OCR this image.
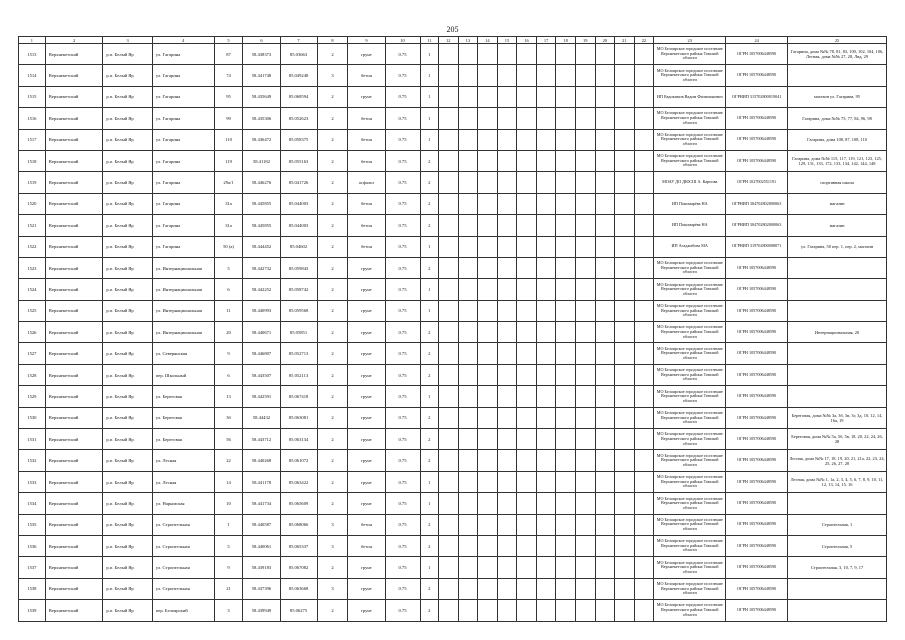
205
1	2	3	4	5	6	7	8	9	10	11	12	13	14	15	16	17	18	19	20	21	22	23	24	25
1513	Верхнекетский	р.п. Белый Яр	ул. Гагарина	87	58.438373	85.03663	2	грунт	0.75	1												МО Белоярское городское поселение Верхнекетского района Томской области	ОГРН 1057006448590	Гагарина, дома №№ 78, 81, 83, 100, 102, 104, 106, Лесная, дома №№ 27, 28, Лвд, 29
1514	Верхнекетский	р.п. Белый Яр	ул. Гагарина	74	58.441748	85.049248	3	бетон	0.75	1												МО Белоярское городское поселение Верхнекетского района Томской области	ОГРН 1057006448590	
1515	Верхнекетский	р.п. Белый Яр	ул. Гагарина	95	58.435649	85.068594	2	грунт	0.75	1												ИП Евдокимов Вадим Филимонович	ОГРНИП 315702800019041	магазин ул. Гагарина, 95
1516	Верхнекетский	р.п. Белый Яр	ул. Гагарина	99	58.435306	85.052623	2	бетон	0.75	1												МО Белоярское городское поселение Верхнекетского района Томской области	ОГРН 1057006448590	Гагарина, дома №№ 75, 77, 84, 96, 98
1517	Верхнекетский	р.п. Белый Яр	ул. Гагарина	110	58.436472	85.058375	2	бетон	0.75	1												МО Белоярское городское поселение Верхнекетского района Томской области	ОГРН 1057006448590	Гагарина, дома 108, 87, 108, 110
1518	Верхнекетский	р.п. Белый Яр	ул. Гагарина	119	58.41182	85.055163	2	бетон	0.75	2												МО Белоярское городское поселение Верхнекетского района Томской области	ОГРН 1057006448590	Гагарина, дома №№ 115, 117, 119, 121, 123, 125, 129, 131, 133, 172, 133, 134, 142, 144, 148
1519	Верхнекетский	р.п. Белый Яр	ул. Гагарина	29а/1	58.446276	85.041726	2	асфальт	0.75	2												МОАУ ДО ДЮСШ А. Карпова	ОГРН 1027002551191	спортивная школа
1520	Верхнекетский	р.п. Белый Яр	ул. Гагарина	31а	58.445855	85.044003	2	бетон	0.75	2												ИП Пономарёва НА	ОГРНИП 304702802800063	магазин
1521	Верхнекетский	р.п. Белый Яр	ул. Гагарина	31а	58.445855	85.044003	2	бетон	0.75	2												ИП Пономарёва НА	ОГРНИП 304702802800063	магазин
1522	Верхнекетский	р.п. Белый Яр	ул. Гагарина	50 (а)	58.444452	85.04602	2	бетон	0.75	1												ИП Агаджабова МА	ОГРНИП 319702800008071	ул. Гагарина, 50 пер. 1, пер. 2, магазин
1523	Верхнекетский	р.п. Белый Яр	ул. Интернациональная	5	58.442732	85.059843	2	грунт	0.75	2												МО Белоярское городское поселение Верхнекетского района Томской области	ОГРН 1057006448590	
1524	Верхнекетский	р.п. Белый Яр	ул. Интернациональная	6	58.442252	85.058742	2	грунт	0.75	1												МО Белоярское городское поселение Верхнекетского района Томской области	ОГРН 1057006448590	
1525	Верхнекетский	р.п. Белый Яр	ул. Интернациональная	11	58.440993	85.059568	2	грунт	0.75	1												МО Белоярское городское поселение Верхнекетского района Томской области	ОГРН 1057006448590	
1526	Верхнекетский	р.п. Белый Яр	ул. Интернациональная	20	58.440671	85.05851	2	грунт	0.75	2												МО Белоярское городское поселение Верхнекетского района Томской области	ОГРН 1057006448590	Интернациональная, 20
1527	Верхнекетский	р.п. Белый Яр	ул. Северянская	9	58.446807	85.052713	2	грунт	0.75	2												МО Белоярское городское поселение Верхнекетского района Томской области	ОГРН 1057006448590	
1528	Верхнекетский	р.п. Белый Яр	пер. Школьный	6	58.443507	85.052113	2	грунт	0.75	2												МО Белоярское городское поселение Верхнекетского района Томской области	ОГРН 1057006448590	
1529	Верхнекетский	р.п. Белый Яр	ул. Береговая	13	58.442591	85.067418	2	грунт	0.75	1												МО Белоярское городское поселение Верхнекетского района Томской области	ОГРН 1057006448590	
1530	Верхнекетский	р.п. Белый Яр	ул. Береговая	3б	58.44432	85.063081	2	грунт	0.75	2												МО Белоярское городское поселение Верхнекетского района Томской области	ОГРН 1057006448590	Береговая, дома №№ 3а, 3б, 3в, 3г, 3д, 10, 12, 14, 16а, 19
1531	Верхнекетский	р.п. Белый Яр	ул. Береговая	56	58.443712	85.063134	2	грунт	0.75	2												МО Белоярское городское поселение Верхнекетского района Томской области	ОГРН 1057006448590	Береговая, дома №№ 5а, 5б, 5в, 18, 20, 22, 24, 26, 28
1532	Верхнекетский	р.п. Белый Яр	ул. Лесная	22	58.440268	85.061072	2	грунт	0.75	2												МО Белоярское городское поселение Верхнекетского района Томской области	ОГРН 1057006448590	Лесная, дома №№ 17, 18, 19, 20, 21, 21а, 22, 23, 24, 25, 26, 27, 28
1533	Верхнекетский	р.п. Белый Яр	ул. Лесная	14	58.441178	85.063422	2	грунт	0.75	1												МО Белоярское городское поселение Верхнекетского района Томской области	ОГРН 1057006448590	Лесная, дома №№ 1, 1а, 2, 3, 4, 5, 6, 7, 8, 9, 10, 11, 12, 13, 14, 15, 16
1534	Верхнекетский	р.п. Белый Яр	ул. Нарымская	10	58.441734	85.065609	2	грунт	0.75	1												МО Белоярское городское поселение Верхнекетского района Томской области	ОГРН 1057006448590	
1535	Верхнекетский	р.п. Белый Яр	ул. Строительная	1	58.440587	85.068066	3	бетон	0.75	2												МО Белоярское городское поселение Верхнекетского района Томской области	ОГРН 1057006448590	Строительная, 1
1536	Верхнекетский	р.п. Белый Яр	ул. Строительная	5	58.440061	85.065337	3	бетон	0.75	2												МО Белоярское городское поселение Верхнекетского района Томской области	ОГРН 1057006448590	Строительная, 5
1537	Верхнекетский	р.п. Белый Яр	ул. Строительная	9	58.439183	85.067082	2	грунт	0.75	1												МО Белоярское городское поселение Верхнекетского района Томской области	ОГРН 1057006448590	Строительная, 3, 10, 7, 9, 17
1538	Верхнекетский	р.п. Белый Яр	ул. Строительная	21	58.437396	85.063668	3	грунт	0.75	2												МО Белоярское городское поселение Верхнекетского района Томской области	ОГРН 1057006448590	
1539	Верхнекетский	р.п. Белый Яр	пер. Белоярский	3	58.439949	85.06275	2	грунт	0.75	2												МО Белоярское городское поселение Верхнекетского района Томской области	ОГРН 1057006448590	
